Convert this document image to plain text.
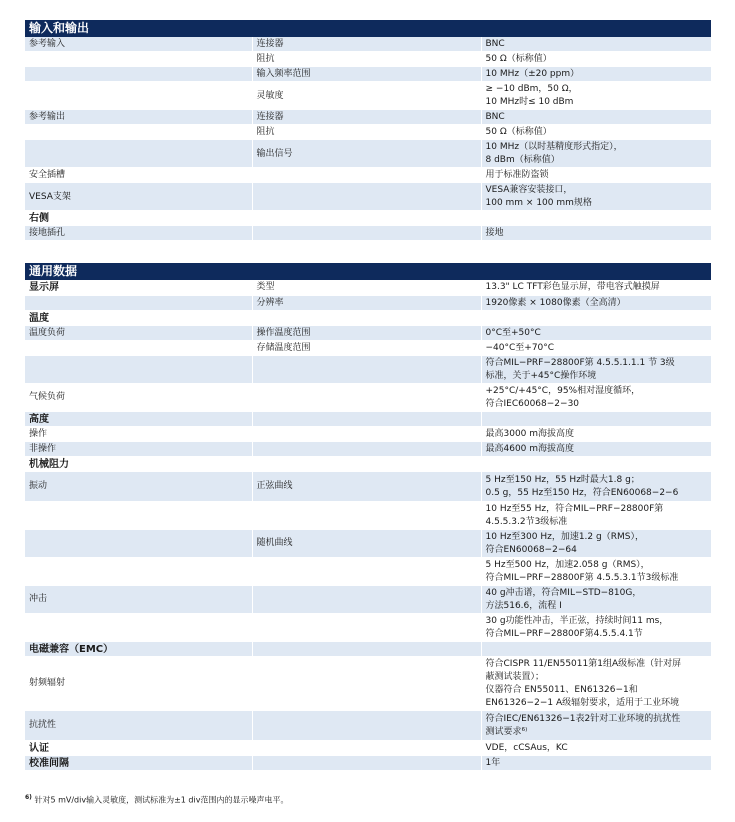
输入和输出
参考输入	连接器	BNC
	阻抗	50 Ω（标称值）
	输入频率范围	10 MHz（±20 ppm）
	灵敏度	≥ −10 dBm，50 Ω，
10 MHz时≤ 10 dBm
参考输出	连接器	BNC
	阻抗	50 Ω（标称值）
	输出信号	10 MHz（以时基精度形式指定），
8 dBm（标称值）
安全插槽		用于标准防盗锁
VESA支架		VESA兼容安装接口，
100 mm × 100 mm规格
右侧		
接地插孔		接地
通用数据
显示屏	类型	13.3" LC TFT彩色显示屏，带电容式触摸屏
	分辨率	1920像素 × 1080像素（全高清）
温度		
温度负荷	操作温度范围	0°C至+50°C
	存储温度范围	−40°C至+70°C
		符合MIL−PRF−28800F第 4.5.5.1.1.1 节 3级
标准，关于+45°C操作环境
气候负荷		+25°C/+45°C，95%相对湿度循环，
符合IEC60068−2−30
高度		
操作		最高3000 m海拔高度
非操作		最高4600 m海拔高度
机械阻力		
振动	正弦曲线	5 Hz至150 Hz，55 Hz时最大1.8 g；
0.5 g，55 Hz至150 Hz，符合EN60068−2−6
		10 Hz至55 Hz，符合MIL−PRF−28800F第
4.5.5.3.2节3级标准
	随机曲线	10 Hz至300 Hz，加速1.2 g（RMS），
符合EN60068−2−64
		5 Hz至500 Hz，加速2.058 g（RMS），
符合MIL−PRF−28800F第 4.5.5.3.1节3级标准
冲击		40 g冲击谱，符合MIL−STD−810G，
方法516.6，流程 I
		30 g功能性冲击，半正弦，持续时间11 ms，
符合MIL−PRF−28800F第4.5.5.4.1节
电磁兼容（EMC）		
射频辐射		符合CISPR 11/EN55011第1组A级标准（针对屏
蔽测试装置）；
仪器符合 EN55011、EN61326−1和
EN61326−2−1 A级辐射要求，适用于工业环境
抗扰性		符合IEC/EN61326−1表2针对工业环境的抗扰性
测试要求⁶⁾
认证		VDE，cCSAus，KC
校准间隔		1年
$^{6)}$ 针对5 mV/div输入灵敏度，测试标准为±1 div范围内的显示噪声电平。
